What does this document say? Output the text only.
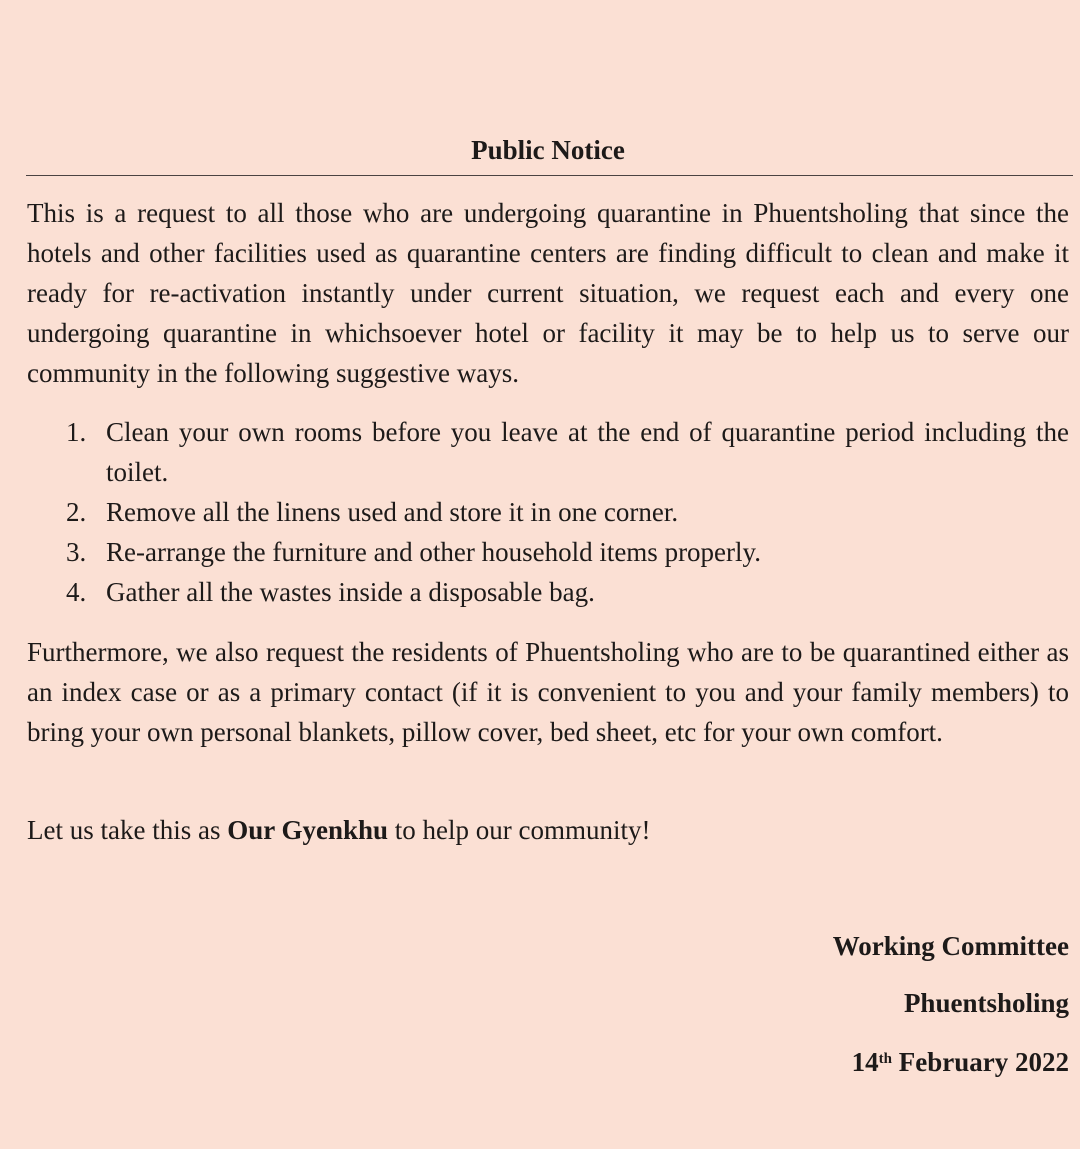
Public Notice

This is a request to all those who are undergoing quarantine in Phuentsholing that since the hotels and other facilities used as quarantine centers are finding difficult to clean and make it ready for re-activation instantly under current situation, we request each and every one undergoing quarantine in whichsoever hotel or facility it may be to help us to serve our community in the following suggestive ways.

1. Clean your own rooms before you leave at the end of quarantine period including the toilet.
2. Remove all the linens used and store it in one corner.
3. Re-arrange the furniture and other household items properly.
4. Gather all the wastes inside a disposable bag.

Furthermore, we also request the residents of Phuentsholing who are to be quarantined either as an index case or as a primary contact (if it is convenient to you and your family members) to bring your own personal blankets, pillow cover, bed sheet, etc for your own comfort.

Let us take this as Our Gyenkhu to help our community!

Working Committee
Phuentsholing
14th February 2022
